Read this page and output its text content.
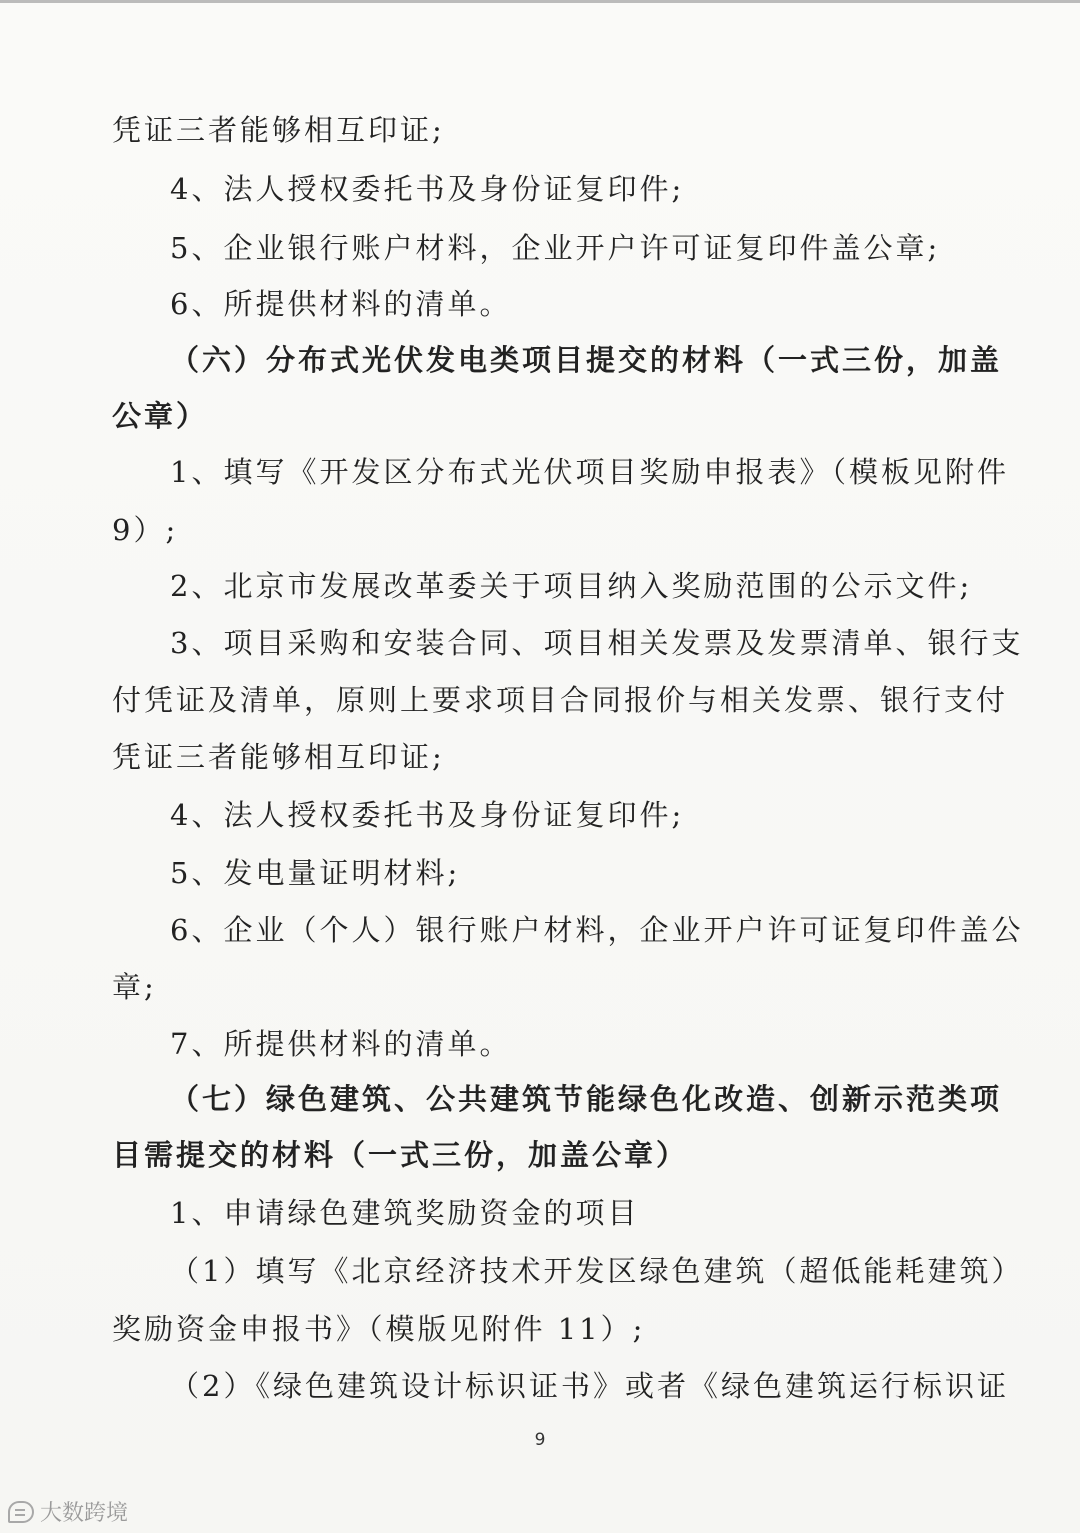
凭证三者能够相互印证;
4、法人授权委托书及身份证复印件;
5、企业银行账户材料，企业开户许可证复印件盖公章;
6、所提供材料的清单。
（六）分布式光伏发电类项目提交的材料（一式三份，加盖
公章）
1、填写《开发区分布式光伏项目奖励申报表》（模板见附件
9）;
2、北京市发展改革委关于项目纳入奖励范围的公示文件;
3、项目采购和安装合同、项目相关发票及发票清单、银行支
付凭证及清单，原则上要求项目合同报价与相关发票、银行支付
凭证三者能够相互印证;
4、法人授权委托书及身份证复印件;
5、发电量证明材料;
6、企业（个人）银行账户材料，企业开户许可证复印件盖公
章;
7、所提供材料的清单。
（七）绿色建筑、公共建筑节能绿色化改造、创新示范类项
目需提交的材料（一式三份，加盖公章）
1、申请绿色建筑奖励资金的项目
（1）填写《北京经济技术开发区绿色建筑（超低能耗建筑）
奖励资金申报书》（模版见附件 11）;
（2）《绿色建筑设计标识证书》或者《绿色建筑运行标识证
9
大数跨境
